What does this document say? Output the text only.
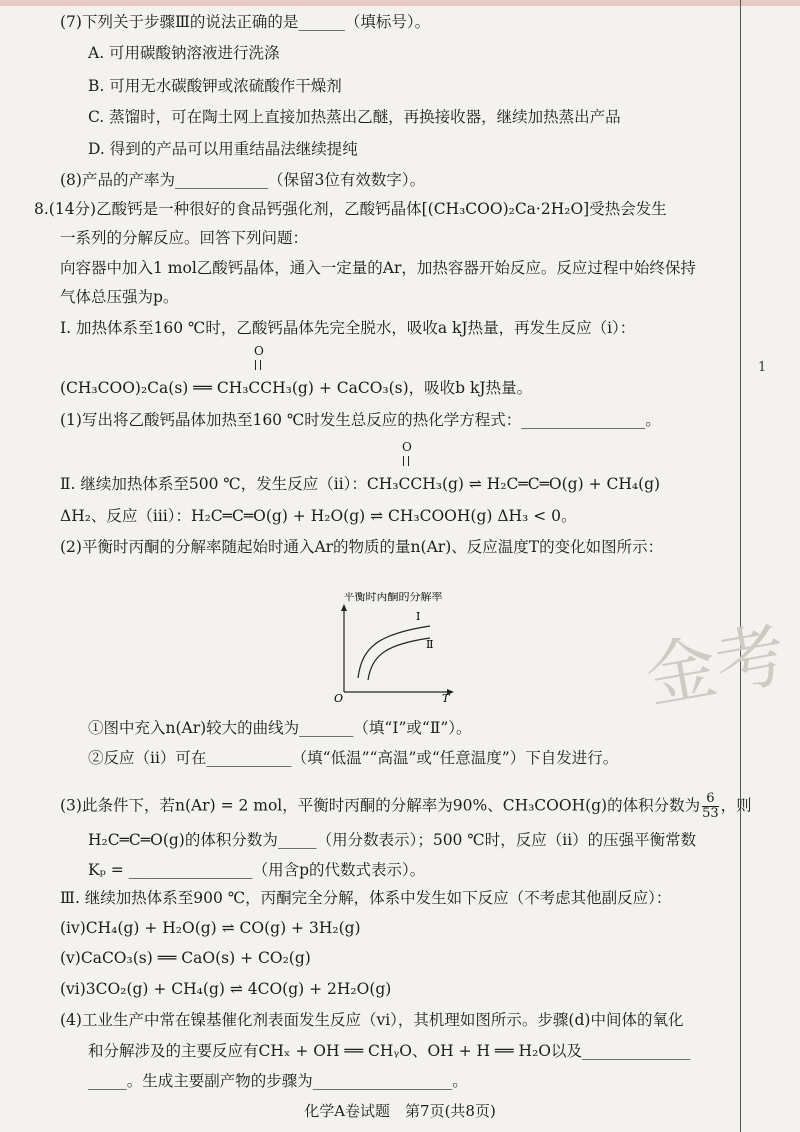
(7)下列关于步骤Ⅲ的说法正确的是______（填标号）。
A. 可用碳酸钠溶液进行洗涤
B. 可用无水碳酸钾或浓硫酸作干燥剂
C. 蒸馏时，可在陶土网上直接加热蒸出乙醚，再换接收器，继续加热蒸出产品
D. 得到的产品可以用重结晶法继续提纯
(8)产品的产率为____________（保留3位有效数字）。
8.(14分)乙酸钙是一种很好的食品钙强化剂，乙酸钙晶体[(CH₃COO)₂Ca·2H₂O]受热会发生
一系列的分解反应。回答下列问题：
向容器中加入1 mol乙酸钙晶体，通入一定量的Ar，加热容器开始反应。反应过程中始终保持
气体总压强为p。
Ⅰ. 加热体系至160 ℃时，乙酸钙晶体先完全脱水，吸收a kJ热量，再发生反应（ⅰ）：
O
(CH₃COO)₂Ca(s) ══ CH₃CCH₃(g) + CaCO₃(s)，吸收b kJ热量。
(1)写出将乙酸钙晶体加热至160 ℃时发生总反应的热化学方程式：________________。
O
Ⅱ. 继续加热体系至500 ℃，发生反应（ⅱ）：CH₃CCH₃(g) ⇌ H₂C═C═O(g) + CH₄(g)
ΔH₂、反应（ⅲ）：H₂C═C═O(g) + H₂O(g) ⇌ CH₃COOH(g) ΔH₃ < 0。
(2)平衡时丙酮的分解率随起始时通入Ar的物质的量n(Ar)、反应温度T的变化如图所示：
平衡时丙酮的分解率
Ⅰ
Ⅱ
O	T
①图中充入n(Ar)较大的曲线为_______（填“Ⅰ”或“Ⅱ”）。
②反应（ⅱ）可在___________（填“低温”“高温”或“任意温度”）下自发进行。
(3)此条件下，若n(Ar) = 2 mol，平衡时丙酮的分解率为90%、CH₃COOH(g)的体积分数为 $\frac{6}{53}$ ，则
H₂C═C═O(g)的体积分数为_____（用分数表示）；500 ℃时，反应（ⅱ）的压强平衡常数
Kₚ = ________________（用含p的代数式表示）。
Ⅲ. 继续加热体系至900 ℃，丙酮完全分解，体系中发生如下反应（不考虑其他副反应）：
(ⅳ)CH₄(g) + H₂O(g) ⇌ CO(g) + 3H₂(g)
(ⅴ)CaCO₃(s) ══ CaO(s) + CO₂(g)
(ⅵ)3CO₂(g) + CH₄(g) ⇌ 4CO(g) + 2H₂O(g)
(4)工业生产中常在镍基催化剂表面发生反应（ⅵ），其机理如图所示。步骤(d)中间体的氧化
和分解涉及的主要反应有CHₓ + OH ══ CHᵧO、OH + H ══ H₂O以及______________
_____。生成主要副产物的步骤为__________________。
化学A卷试题　第7页(共8页)
金考
1
